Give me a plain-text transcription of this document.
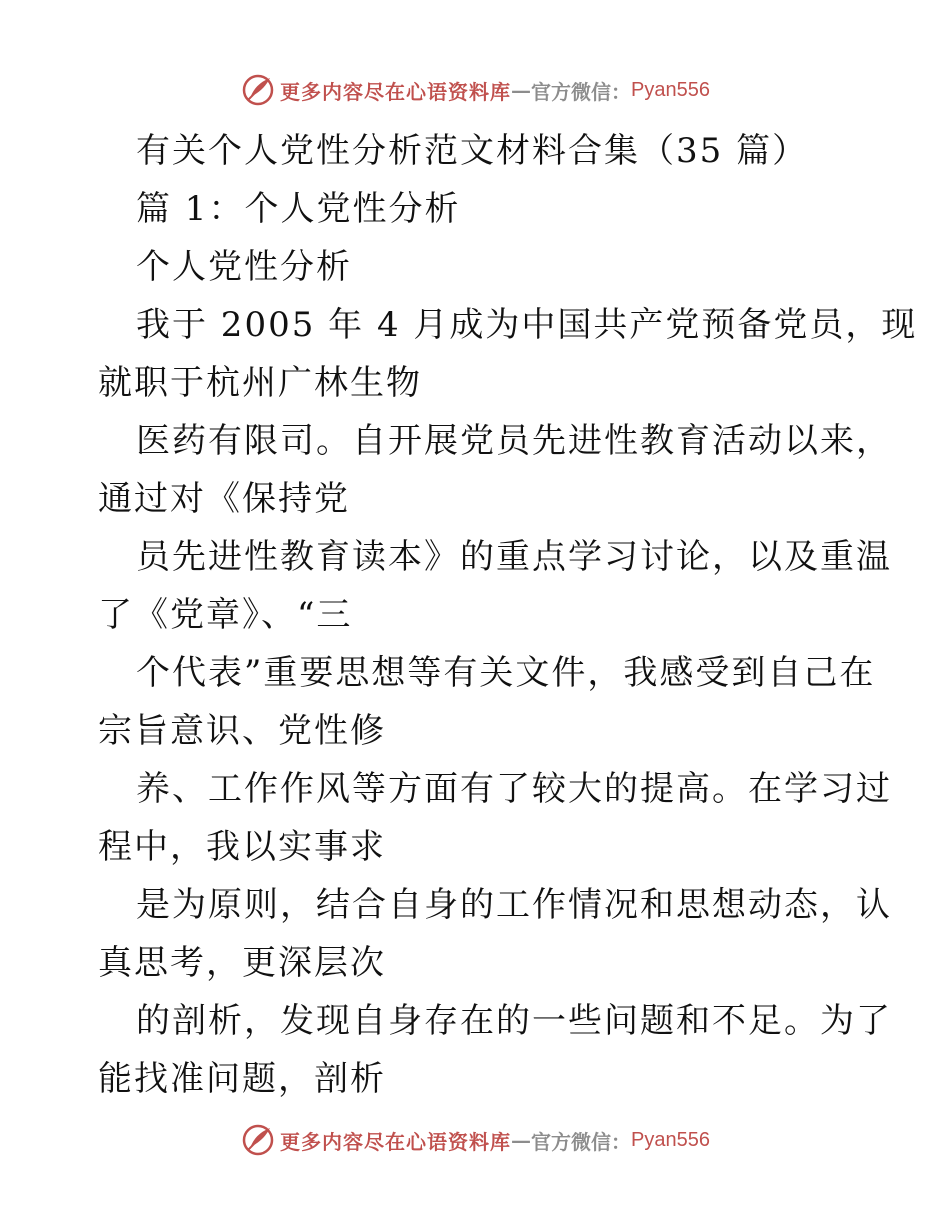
更多内容尽在心语资料库 — 官方微信： Pyan556
有关个人党性分析范文材料合集（35 篇）
篇 1：个人党性分析
个人党性分析
我于 2005 年 4 月成为中国共产党预备党员，现
就职于杭州广林生物
医药有限司。自开展党员先进性教育活动以来，
通过对《保持党
员先进性教育读本》的重点学习讨论，以及重温
了《党章》、“三
个代表”重要思想等有关文件，我感受到自己在
宗旨意识、党性修
养、工作作风等方面有了较大的提高。在学习过
程中，我以实事求
是为原则，结合自身的工作情况和思想动态，认
真思考，更深层次
的剖析，发现自身存在的一些问题和不足。为了
能找准问题，剖析
更多内容尽在心语资料库 — 官方微信： Pyan556
